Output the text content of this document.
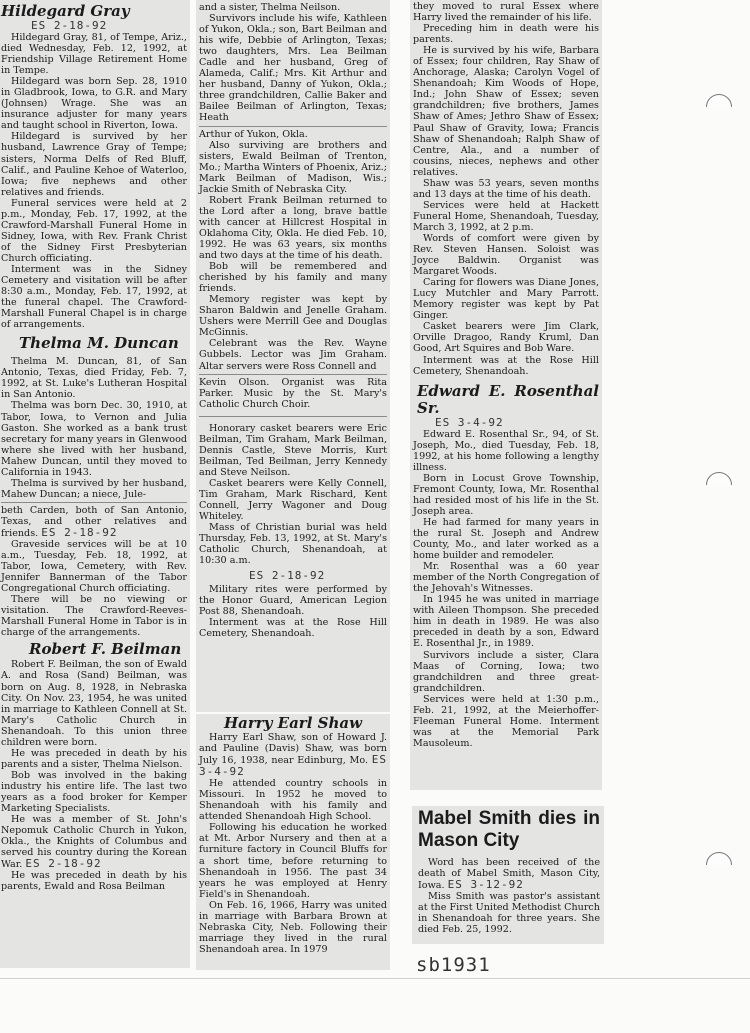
Hildegard Gray
ES 2-18-92

Hildegard Gray, 81, of Tempe, Ariz., died Wednesday, Feb. 12, 1992, at Friendship Village Retirement Home in Tempe.

Hildegard was born Sep. 28, 1910 in Gladbrook, Iowa, to G.R. and Mary (Johnsen) Wrage. She was an insurance adjuster for many years and taught school in Riverton, Iowa.

Hildegard is survived by her husband, Lawrence Gray of Tempe; sisters, Norma Delfs of Red Bluff, Calif., and Pauline Kehoe of Waterloo, Iowa; five nephews and other relatives and friends.

Funeral services were held at 2 p.m., Monday, Feb. 17, 1992, at the Crawford-Marshall Funeral Home in Sidney, Iowa, with Rev. Frank Christ of the Sidney First Presbyterian Church officiating.

Interment was in the Sidney Cemetery and visitation will be after 8:30 a.m., Monday, Feb. 17, 1992, at the funeral chapel. The Crawford-Marshall Funeral Chapel is in charge of arrangements.

Thelma M. Duncan

Thelma M. Duncan, 81, of San Antonio, Texas, died Friday, Feb. 7, 1992, at St. Luke's Lutheran Hospital in San Antonio.

Thelma was born Dec. 30, 1910, at Tabor, Iowa, to Vernon and Julia Gaston. She worked as a bank trust secretary for many years in Glenwood where she lived with her husband, Mahew Duncan, until they moved to California in 1943.

Thelma is survived by her husband, Mahew Duncan; a niece, Jule-

beth Carden, both of San Antonio, Texas, and other relatives and friends. ES 2-18-92

Graveside services will be at 10 a.m., Tuesday, Feb. 18, 1992, at Tabor, Iowa, Cemetery, with Rev. Jennifer Bannerman of the Tabor Congregational Church officiating.

There will be no viewing or visitation. The Crawford-Reeves-Marshall Funeral Home in Tabor is in charge of the arrangements.

Robert F. Beilman

Robert F. Beilman, the son of Ewald A. and Rosa (Sand) Beilman, was born on Aug. 8, 1928, in Nebraska City. On Nov. 23, 1954, he was united in marriage to Kathleen Connell at St. Mary's Catholic Church in Shenandoah. To this union three children were born.

He was preceded in death by his parents and a sister, Thelma Nielson.

Bob was involved in the baking industry his entire life. The last two years as a food broker for Kemper Marketing Specialists.

He was a member of St. John's Nepomuk Catholic Church in Yukon, Okla., the Knights of Columbus and served his country during the Korean War. ES 2-18-92

He was preceded in death by his parents, Ewald and Rosa Beilman

and a sister, Thelma Neilson.

Survivors include his wife, Kathleen of Yukon, Okla.; son, Bart Beilman and his wife, Debbie of Arlington, Texas; two daughters, Mrs. Lea Beilman Cadle and her husband, Greg of Alameda, Calif.; Mrs. Kit Arthur and her husband, Danny of Yukon, Okla.; three grandchildren, Callie Baker and Bailee Beilman of Arlington, Texas; Heath

Arthur of Yukon, Okla.

Also surviving are brothers and sisters, Ewald Beilman of Trenton, Mo.; Martha Winters of Phoenix, Ariz.; Mark Beilman of Madison, Wis.; Jackie Smith of Nebraska City.

Robert Frank Beilman returned to the Lord after a long, brave battle with cancer at Hillcrest Hospital in Oklahoma City, Okla. He died Feb. 10, 1992. He was 63 years, six months and two days at the time of his death.

Bob will be remembered and cherished by his family and many friends.

Memory register was kept by Sharon Baldwin and Jenelle Graham. Ushers were Merrill Gee and Douglas McGinnis.

Celebrant was the Rev. Wayne Gubbels. Lector was Jim Graham. Altar servers were Ross Connell and

Kevin Olson. Organist was Rita Parker. Music by the St. Mary's Catholic Church Choir.

Honorary casket bearers were Eric Beilman, Tim Graham, Mark Beilman, Dennis Castle, Steve Morris, Kurt Beilman, Ted Beilman, Jerry Kennedy and Steve Neilson.

Casket bearers were Kelly Connell, Tim Graham, Mark Rischard, Kent Connell, Jerry Wagoner and Doug Whiteley.

Mass of Christian burial was held Thursday, Feb. 13, 1992, at St. Mary's Catholic Church, Shenandoah, at 10:30 a.m.

ES 2-18-92

Military rites were performed by the Honor Guard, American Legion Post 88, Shenandoah.

Interment was at the Rose Hill Cemetery, Shenandoah.

Harry Earl Shaw

Harry Earl Shaw, son of Howard J. and Pauline (Davis) Shaw, was born July 16, 1938, near Edinburg, Mo. ES 3-4-92

He attended country schools in Missouri. In 1952 he moved to Shenandoah with his family and attended Shenandoah High School.

Following his education he worked at Mt. Arbor Nursery and then at a furniture factory in Council Bluffs for a short time, before returning to Shenandoah in 1956. The past 34 years he was employed at Henry Field's in Shenandoah.

On Feb. 16, 1966, Harry was united in marriage with Barbara Brown at Nebraska City, Neb. Following their marriage they lived in the rural Shenandoah area. In 1979

they moved to rural Essex where Harry lived the remainder of his life.

Preceding him in death were his parents.

He is survived by his wife, Barbara of Essex; four children, Ray Shaw of Anchorage, Alaska; Carolyn Vogel of Shenandoah; Kim Woods of Hope, Ind.; John Shaw of Essex; seven grandchildren; five brothers, James Shaw of Ames; Jethro Shaw of Essex; Paul Shaw of Gravity, Iowa; Francis Shaw of Shenandoah; Ralph Shaw of Centre, Ala., and a number of cousins, nieces, nephews and other relatives.

Shaw was 53 years, seven months and 13 days at the time of his death.

Services were held at Hackett Funeral Home, Shenandoah, Tuesday, March 3, 1992, at 2 p.m.

Words of comfort were given by Rev. Steven Hansen. Soloist was Joyce Baldwin. Organist was Margaret Woods.

Caring for flowers was Diane Jones, Lucy Mutchler and Mary Parrott. Memory register was kept by Pat Ginger.

Casket bearers were Jim Clark, Orville Dragoo, Randy Kruml, Dan Good, Art Squires and Bob Ware.

Interment was at the Rose Hill Cemetery, Shenandoah.

Edward E. Rosenthal Sr.
ES 3-4-92

Edward E. Rosenthal Sr., 94, of St. Joseph, Mo., died Tuesday, Feb. 18, 1992, at his home following a lengthy illness.

Born in Locust Grove Township, Fremont County, Iowa, Mr. Rosenthal had resided most of his life in the St. Joseph area.

He had farmed for many years in the rural St. Joseph and Andrew County, Mo., and later worked as a home builder and remodeler.

Mr. Rosenthal was a 60 year member of the North Congregation of the Jehovah's Witnesses.

In 1945 he was united in marriage with Aileen Thompson. She preceded him in death in 1989. He was also preceded in death by a son, Edward E. Rosenthal Jr., in 1989.

Survivors include a sister, Clara Maas of Corning, Iowa; two grandchildren and three great-grandchildren.

Services were held at 1:30 p.m., Feb. 21, 1992, at the Meierhoffer-Fleeman Funeral Home. Interment was at the Memorial Park Mausoleum.

Mabel Smith dies in Mason City

Word has been received of the death of Mabel Smith, Mason City, Iowa. ES 3-12-92

Miss Smith was pastor's assistant at the First United Methodist Church in Shenandoah for three years. She died Feb. 25, 1992.

sb1931
